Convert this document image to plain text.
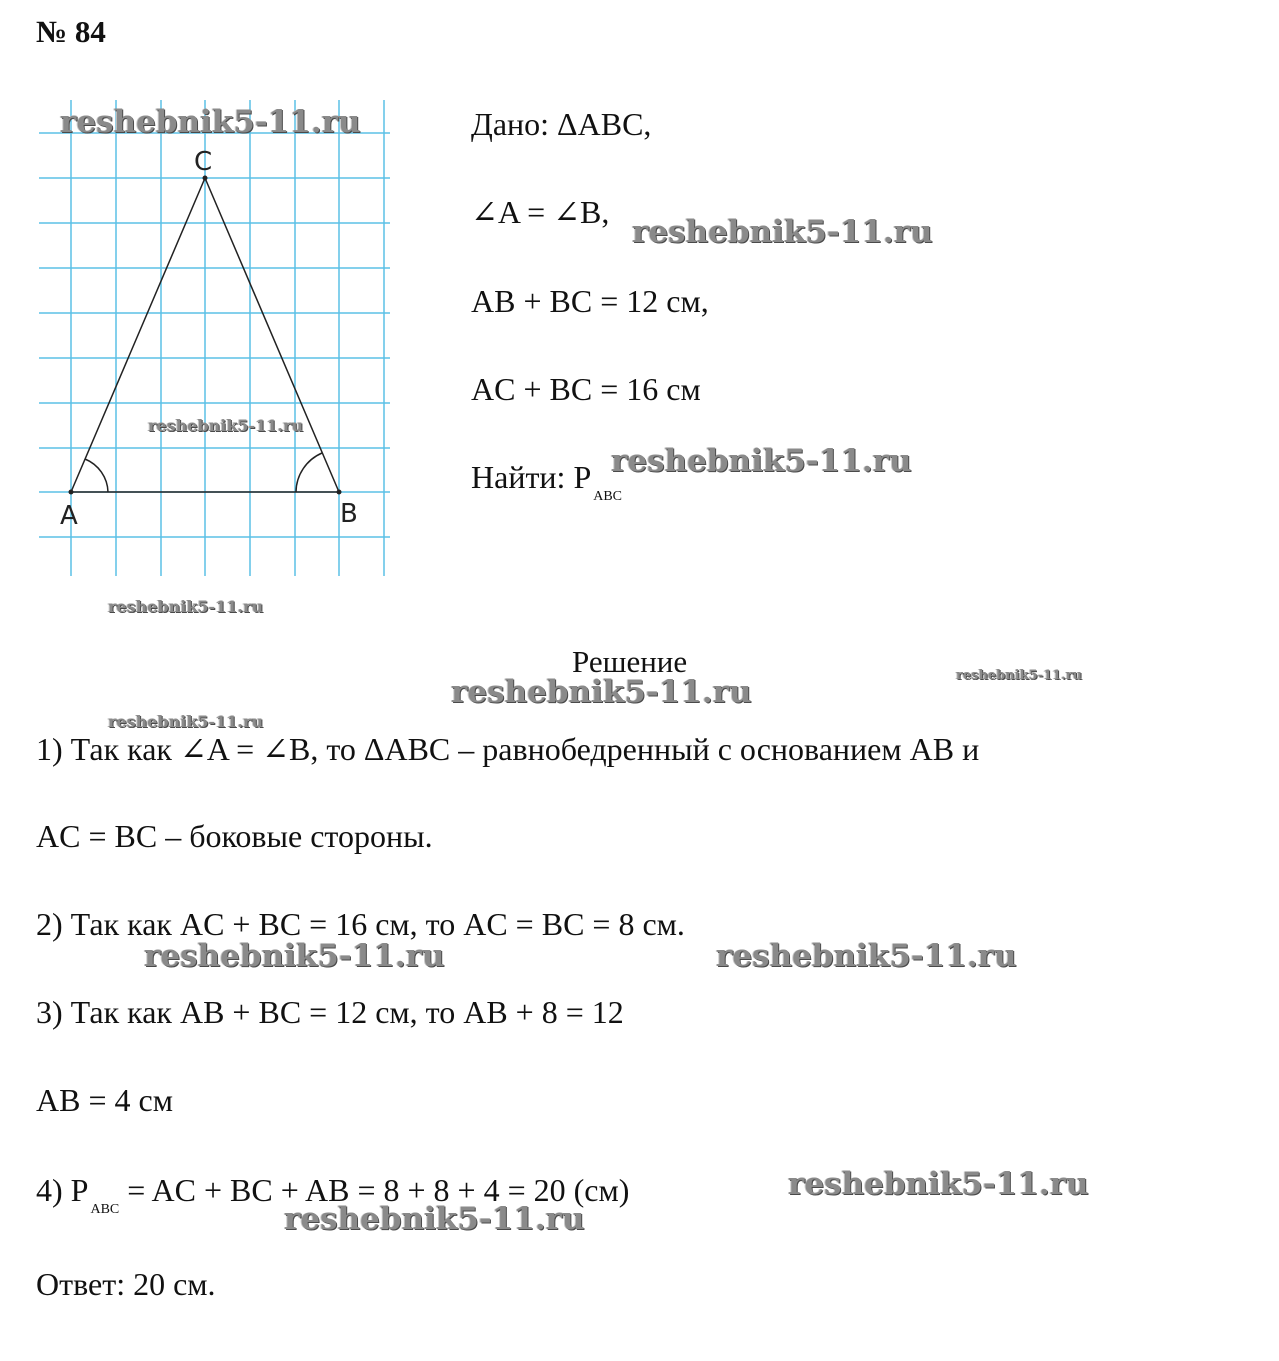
№ 84
C
A	B
Дано: ΔABC,
∠A = ∠B,
AB + BC = 12 см,
AC + BC = 16 см
Найти: $P_{ABC}$
Решение
1) Так как ∠A = ∠B, то ΔABC – равнобедренный с основанием AB и
AC = BC – боковые стороны.
2) Так как AC + BC = 16 см, то AC = BC = 8 см.
3) Так как AB + BC = 12 см, то AB + 8 = 12
AB = 4 см
4) $P_{ABC}$ = AC + BC + AB = 8 + 8 + 4 = 20 (см)
Ответ: 20 см.
reshebnik5-11.ru
reshebnik5-11.ru
reshebnik5-11.ru
reshebnik5-11.ru
reshebnik5-11.ru
reshebnik5-11.ru
reshebnik5-11.ru
reshebnik5-11.ru
reshebnik5-11.ru	reshebnik5-11.ru
reshebnik5-11.ru
reshebnik5-11.ru
